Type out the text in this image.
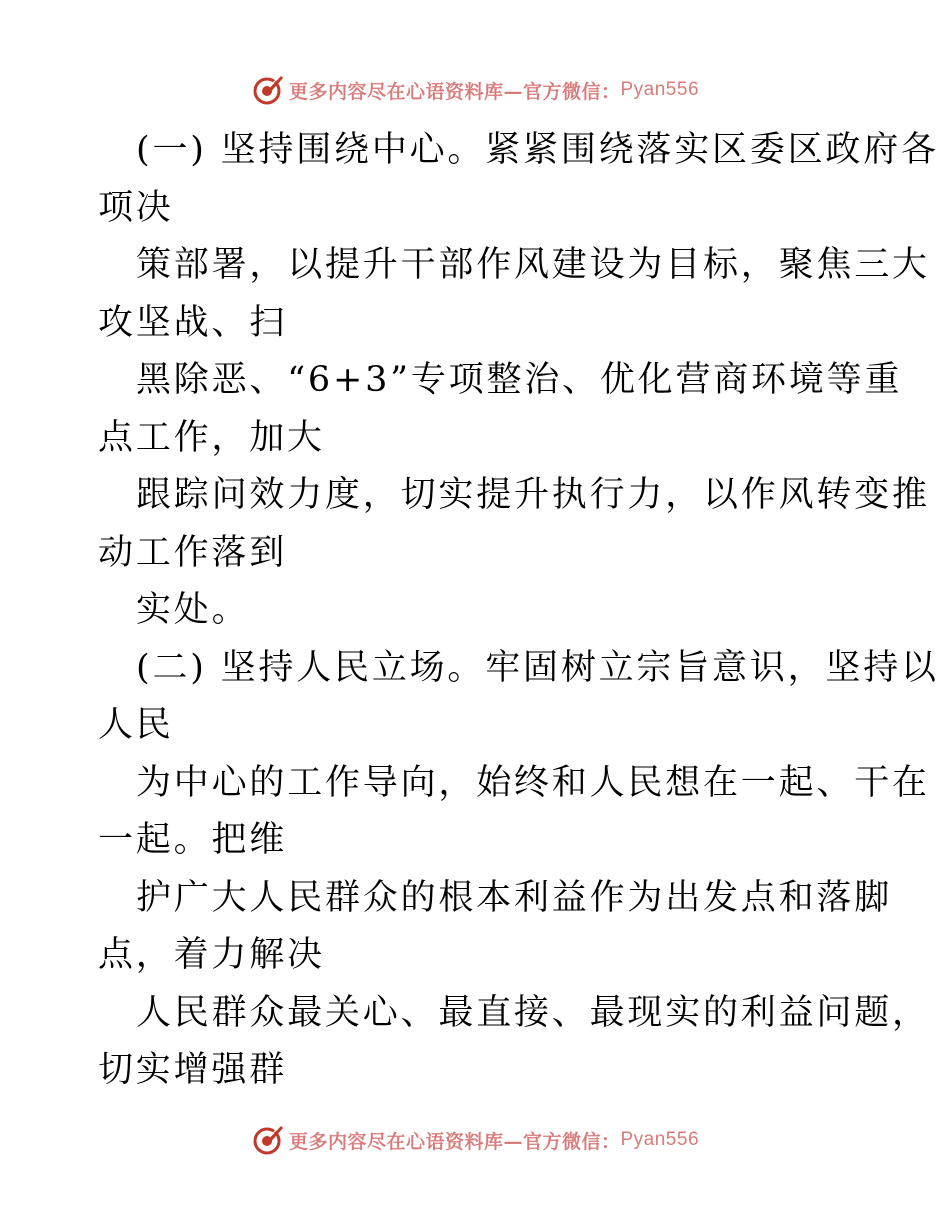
更多内容尽在心语资料库—官方微信： Pyan556
(一) 坚持围绕中心。紧紧围绕落实区委区政府各
项决
策部署，以提升干部作风建设为目标，聚焦三大
攻坚战、扫
黑除恶、“6+3”专项整治、优化营商环境等重
点工作，加大
跟踪问效力度，切实提升执行力，以作风转变推
动工作落到
实处。
(二) 坚持人民立场。牢固树立宗旨意识，坚持以
人民
为中心的工作导向，始终和人民想在一起、干在
一起。把维
护广大人民群众的根本利益作为出发点和落脚
点，着力解决
人民群众最关心、最直接、最现实的利益问题，
切实增强群
更多内容尽在心语资料库—官方微信： Pyan556
